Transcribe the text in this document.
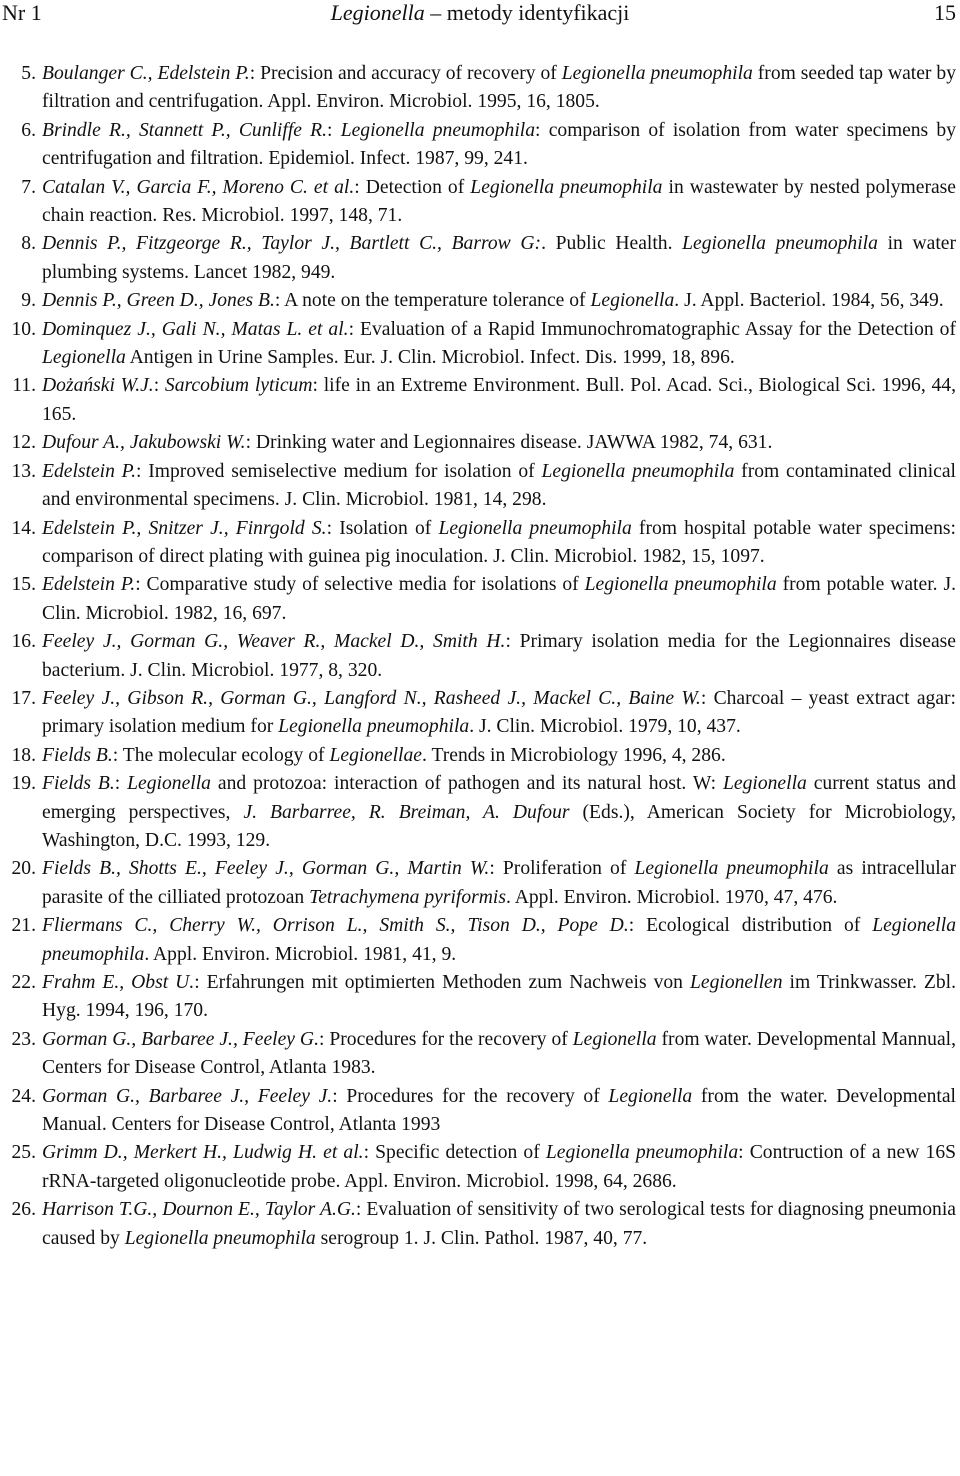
Nr 1	Legionella – metody identyfikacji	15
5. Boulanger C., Edelstein P.: Precision and accuracy of recovery of Legionella pneumophila from seeded tap water by filtration and centrifugation. Appl. Environ. Microbiol. 1995, 16, 1805.
6. Brindle R., Stannett P., Cunliffe R.: Legionella pneumophila: comparison of isolation from water specimens by centrifugation and filtration. Epidemiol. Infect. 1987, 99, 241.
7. Catalan V., Garcia F., Moreno C. et al.: Detection of Legionella pneumophila in wastewater by nested polymerase chain reaction. Res. Microbiol. 1997, 148, 71.
8. Dennis P., Fitzgeorge R., Taylor J., Bartlett C., Barrow G:. Public Health. Legionella pneumophila in water plumbing systems. Lancet 1982, 949.
9. Dennis P., Green D., Jones B.: A note on the temperature tolerance of Legionella. J. Appl. Bacteriol. 1984, 56, 349.
10. Dominquez J., Gali N., Matas L. et al.: Evaluation of a Rapid Immunochromatographic Assay for the Detection of Legionella Antigen in Urine Samples. Eur. J. Clin. Microbiol. Infect. Dis. 1999, 18, 896.
11. Dożański W.J.: Sarcobium lyticum: life in an Extreme Environment. Bull. Pol. Acad. Sci., Biological Sci. 1996, 44, 165.
12. Dufour A., Jakubowski W.: Drinking water and Legionnaires disease. JAWWA 1982, 74, 631.
13. Edelstein P.: Improved semiselective medium for isolation of Legionella pneumophila from contaminated clinical and environmental specimens. J. Clin. Microbiol. 1981, 14, 298.
14. Edelstein P., Snitzer J., Finrgold S.: Isolation of Legionella pneumophila from hospital potable water specimens: comparison of direct plating with guinea pig inoculation. J. Clin. Microbiol. 1982, 15, 1097.
15. Edelstein P.: Comparative study of selective media for isolations of Legionella pneumophila from potable water. J. Clin. Microbiol. 1982, 16, 697.
16. Feeley J., Gorman G., Weaver R., Mackel D., Smith H.: Primary isolation media for the Legionnaires disease bacterium. J. Clin. Microbiol. 1977, 8, 320.
17. Feeley J., Gibson R., Gorman G., Langford N., Rasheed J., Mackel C., Baine W.: Charcoal – yeast extract agar: primary isolation medium for Legionella pneumophila. J. Clin. Microbiol. 1979, 10, 437.
18. Fields B.: The molecular ecology of Legionellae. Trends in Microbiology 1996, 4, 286.
19. Fields B.: Legionella and protozoa: interaction of pathogen and its natural host. W: Legionella current status and emerging perspectives, J. Barbarree, R. Breiman, A. Dufour (Eds.), American Society for Microbiology, Washington, D.C. 1993, 129.
20. Fields B., Shotts E., Feeley J., Gorman G., Martin W.: Proliferation of Legionella pneumophila as intracellular parasite of the cilliated protozoan Tetrachymena pyriformis. Appl. Environ. Microbiol. 1970, 47, 476.
21. Fliermans C., Cherry W., Orrison L., Smith S., Tison D., Pope D.: Ecological distribution of Legionella pneumophila. Appl. Environ. Microbiol. 1981, 41, 9.
22. Frahm E., Obst U.: Erfahrungen mit optimierten Methoden zum Nachweis von Legionellen im Trinkwasser. Zbl. Hyg. 1994, 196, 170.
23. Gorman G., Barbaree J., Feeley G.: Procedures for the recovery of Legionella from water. Developmental Mannual, Centers for Disease Control, Atlanta 1983.
24. Gorman G., Barbaree J., Feeley J.: Procedures for the recovery of Legionella from the water. Developmental Manual. Centers for Disease Control, Atlanta 1993
25. Grimm D., Merkert H., Ludwig H. et al.: Specific detection of Legionella pneumophila: Contruction of a new 16S rRNA-targeted oligonucleotide probe. Appl. Environ. Microbiol. 1998, 64, 2686.
26. Harrison T.G., Dournon E., Taylor A.G.: Evaluation of sensitivity of two serological tests for diagnosing pneumonia caused by Legionella pneumophila serogroup 1. J. Clin. Pathol. 1987, 40, 77.
